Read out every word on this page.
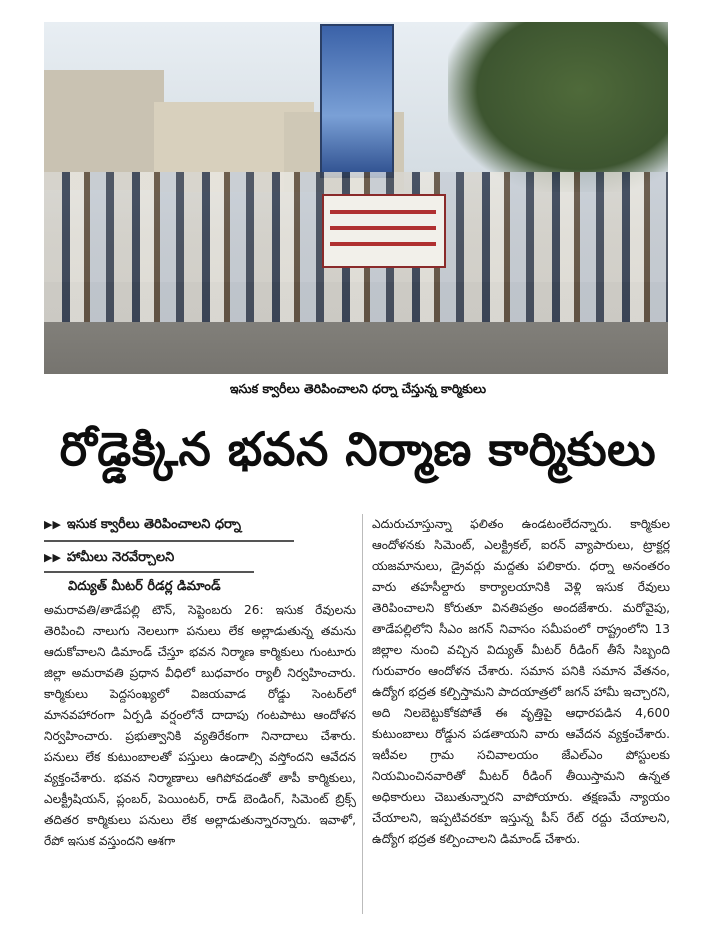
ఇసుక క్వారీలు తెరిపించాలని ధర్నా చేస్తున్న కార్మికులు
రోడ్డెక్కిన భవన నిర్మాణ కార్మికులు
▶▶ ఇసుక క్వారీలు తెరిపించాలని ధర్నా
▶▶ హామీలు నెరవేర్చాలని
విద్యుత్ మీటర్ రీడర్ల డిమాండ్

అమరావతి/తాడేపల్లి టౌన్, సెప్టెంబరు 26: ఇసుక రేవులను తెరిపించి నాలుగు నెలలుగా పనులు లేక అల్లాడుతున్న తమను ఆదుకోవాలని డిమాండ్ చేస్తూ భవన నిర్మాణ కార్మికులు గుంటూరు జిల్లా అమరావతి ప్రధాన వీధిలో బుధవారం ర్యాలీ నిర్వహించారు. కార్మికులు పెద్దసంఖ్యలో విజయవాడ రోడ్డు సెంటర్‌లో మానవహారంగా ఏర్పడి వర్షంలోనే దాదాపు గంటపాటు ఆందోళన నిర్వహించారు. ప్రభుత్వానికి వ్యతిరేకంగా నినాదాలు చేశారు. పనులు లేక కుటుంబాలతో పస్తులు ఉండాల్సి వస్తోందని ఆవేదన వ్యక్తంచేశారు. భవన నిర్మాణాలు ఆగిపోవడంతో తాపీ కార్మికులు, ఎలక్ట్రీషియన్, ప్లంబర్, పెయింటర్, రాడ్ బెండింగ్, సిమెంట్ బ్రిక్స్ తదితర కార్మికులు పనులు లేక అల్లాడుతున్నారన్నారు. ఇవాళో, రేపో ఇసుక వస్తుందని ఆశగా

ఎదురుచూస్తున్నా ఫలితం ఉండటంలేదన్నారు. కార్మికుల ఆందోళనకు సిమెంట్, ఎలక్ట్రికల్, ఐరన్ వ్యాపారులు, ట్రాక్టర్ల యజమానులు, డ్రైవర్లు మద్దతు పలికారు. ధర్నా అనంతరం వారు తహసీల్దారు కార్యాలయానికి వెళ్లి ఇసుక రేవులు తెరిపించాలని కోరుతూ వినతిపత్రం అందజేశారు. మరోవైపు, తాడేపల్లిలోని సీఎం జగన్ నివాసం సమీపంలో రాష్ట్రంలోని 13 జిల్లాల నుంచి వచ్చిన విద్యుత్ మీటర్ రీడింగ్ తీసే సిబ్బంది గురువారం ఆందోళన చేశారు. సమాన పనికి సమాన వేతనం, ఉద్యోగ భద్రత కల్పిస్తామని పాదయాత్రలో జగన్ హామీ ఇచ్చారని, అది నిలబెట్టుకోకపోతే ఈ వృత్తిపై ఆధారపడిన 4,600 కుటుంబాలు రోడ్డున పడతాయని వారు ఆవేదన వ్యక్తంచేశారు. ఇటీవల గ్రామ సచివాలయం జేఎల్ఎం పోస్టులకు నియమించినవారితో మీటర్ రీడింగ్ తీయిస్తామని ఉన్నత అధికారులు చెబుతున్నారని వాపోయారు. తక్షణమే న్యాయం చేయాలని, ఇప్పటివరకూ ఇస్తున్న పీస్ రేట్ రద్దు చేయాలని, ఉద్యోగ భద్రత కల్పించాలని డిమాండ్ చేశారు.
